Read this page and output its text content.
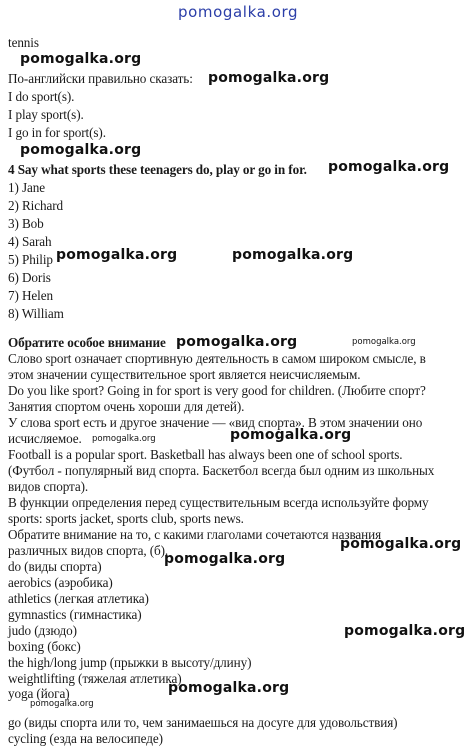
pomogalka.org
tennis
pomogalka.org
По-английски правильно сказать:	pomogalka.org
I do sport(s).
I play sport(s).
I go in for sport(s).
pomogalka.org
4 Say what sports these teenagers do, play or go in for.	pomogalka.org
1) Jane
2) Richard
3) Bob
4) Sarah
5) Philip pomogalka.org	pomogalka.org
6) Doris
7) Helen
8) William
Обратите особое внимание pomogalka.org	pomogalka.org
Слово sport означает спортивную деятельность в самом широком смысле, в
этом значении существительное sport является неисчисляемым.
Do you like sport? Going in for sport is very good for children. (Любите спорт?
Занятия спортом очень хороши для детей).
У слова sport есть и другое значение — «вид спорта». В этом значении оно
исчисляемое.	pomogalka.org	pomogalka.org
Football is a popular sport. Basketball has always been one of school sports.
(Футбол - популярный вид спорта. Баскетбол всегда был одним из школьных
видов спорта).
В функции определения перед существительным всегда используйте форму
sports: sports jacket, sports club, sports news.
Обратите внимание на то, с какими глаголами сочетаются названия
различных видов спорта, (б).	pomogalka.org
pomogalka.org
do (виды спорта)
aerobics (аэробика)
athletics (легкая атлетика)
gymnastics (гимнастика)
judo (дзюдо)	pomogalka.org
boxing (бокс)
the high/long jump (прыжки в высоту/длину)
weightlifting (тяжелая атлетика)
pomogalka.org
yoga (йога)
pomogalka.org
go (виды спорта или то, чем занимаешься на досуге для удовольствия)
cycling (езда на велосипеде)
